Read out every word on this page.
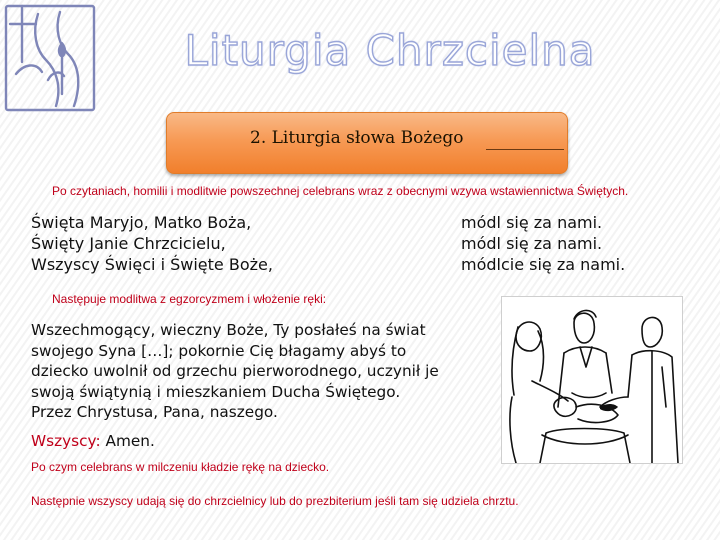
Liturgia Chrzcielna
2. Liturgia słowa Bożego
Po czytaniach, homilii i modlitwie powszechnej celebrans wraz z obecnymi wzywa wstawiennictwa Świętych.
Święta Maryjo, Matko Boża,
Święty Janie Chrzcicielu,
Wszyscy Święci i Święte Boże,
módl się za nami.
módl się za nami.
módlcie się za nami.
Następuje modlitwa z egzorcyzmem i włożenie ręki:
Wszechmogący, wieczny Boże, Ty posłałeś na świat
swojego Syna […]; pokornie Cię błagamy abyś to
dziecko uwolnił od grzechu pierworodnego, uczynił je
swoją świątynią i mieszkaniem Ducha Świętego.
Przez Chrystusa, Pana, naszego.
Wszyscy: Amen.
Po czym celebrans w milczeniu kładzie rękę na dziecko.
Następnie wszyscy udają się do chrzcielnicy lub do prezbiterium jeśli tam się udziela chrztu.
